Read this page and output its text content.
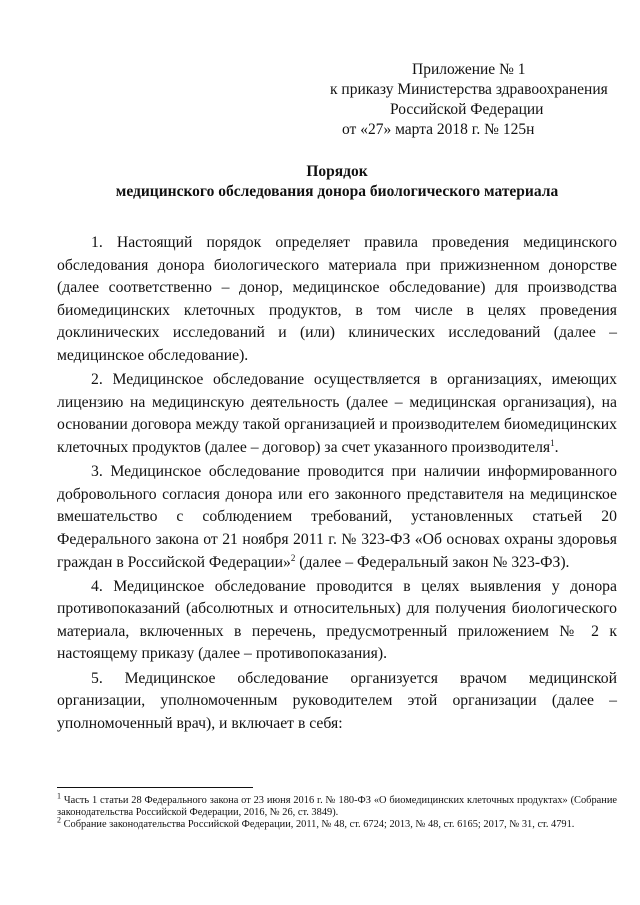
Приложение № 1
к приказу Министерства здравоохранения
Российской Федерации
от «27» марта 2018 г. № 125н
Порядок
медицинского обследования донора биологического материала

1. Настоящий порядок определяет правила проведения медицинского обследования донора биологического материала при прижизненном донорстве (далее соответственно – донор, медицинское обследование) для производства биомедицинских клеточных продуктов, в том числе в целях проведения доклинических исследований и (или) клинических исследований (далее – медицинское обследование).

2. Медицинское обследование осуществляется в организациях, имеющих лицензию на медицинскую деятельность (далее – медицинская организация), на основании договора между такой организацией и производителем биомедицинских клеточных продуктов (далее – договор) за счет указанного производителя$^1$.

3. Медицинское обследование проводится при наличии информированного добровольного согласия донора или его законного представителя на медицинское вмешательство с соблюдением требований, установленных статьей 20 Федерального закона от 21 ноября 2011 г. № 323-ФЗ «Об основах охраны здоровья граждан в Российской Федерации»$^2$ (далее – Федеральный закон № 323-ФЗ).

4. Медицинское обследование проводится в целях выявления у донора противопоказаний (абсолютных и относительных) для получения биологического материала, включенных в перечень, предусмотренный приложением № 2 к настоящему приказу (далее – противопоказания).

5. Медицинское обследование организуется врачом медицинской организации, уполномоченным руководителем этой организации (далее – уполномоченный врач), и включает в себя:

$^1$ Часть 1 статьи 28 Федерального закона от 23 июня 2016 г. № 180-ФЗ «О биомедицинских клеточных продуктах» (Собрание законодательства Российской Федерации, 2016, № 26, ст. 3849).

$^2$ Собрание законодательства Российской Федерации, 2011, № 48, ст. 6724; 2013, № 48, ст. 6165; 2017, № 31, ст. 4791.
